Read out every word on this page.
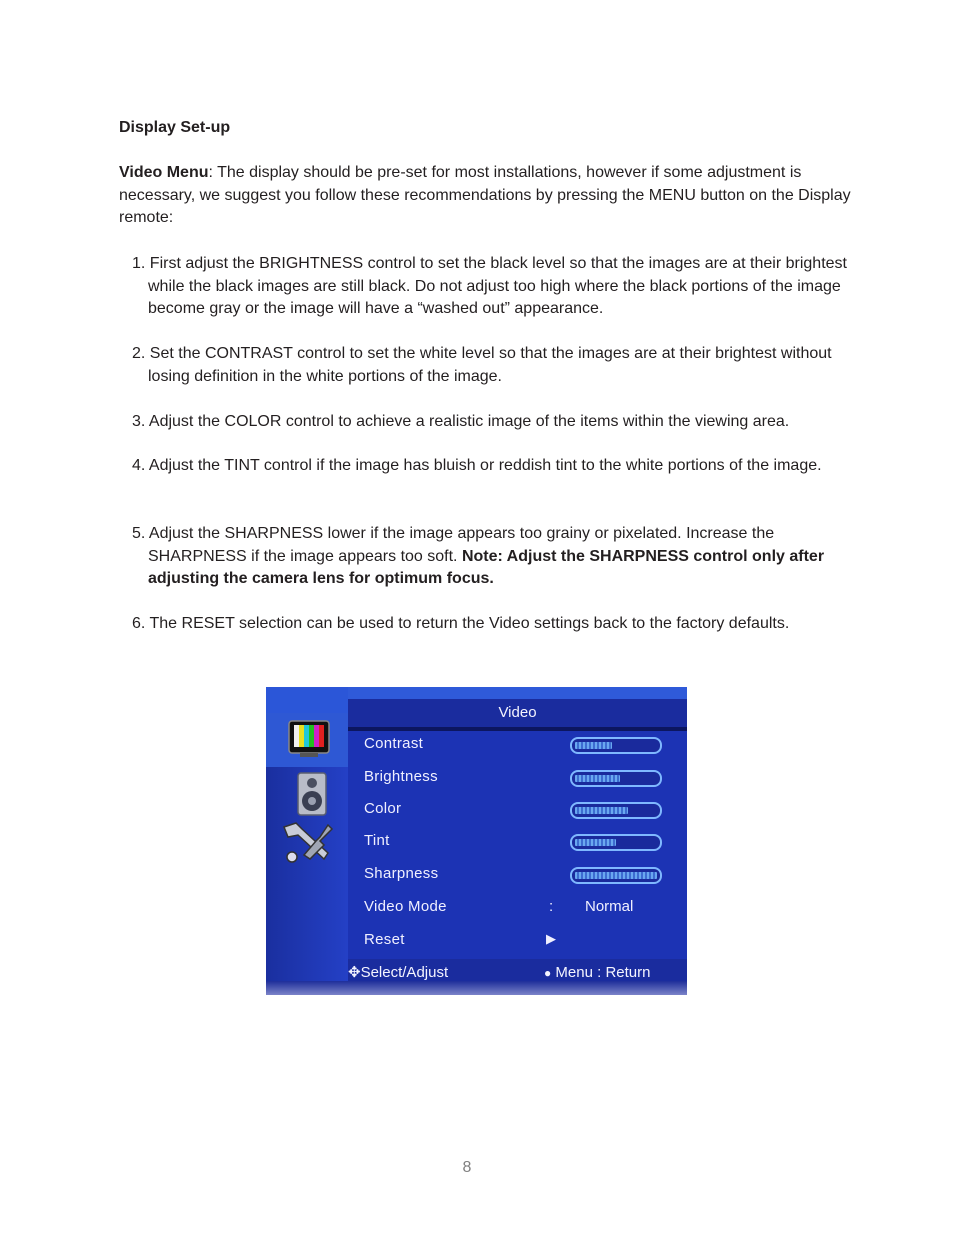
Display Set-up
Video Menu: The display should be pre-set for most installations, however if some adjustment is necessary, we suggest you follow these recommendations by pressing the MENU button on the Display remote:
1. First adjust the BRIGHTNESS control to set the black level so that the images are at their brightest while the black images are still black. Do not adjust too high where the black portions of the image become gray or the image will have a “washed out” appearance.
2. Set the CONTRAST control to set the white level so that the images are at their brightest without losing definition in the white portions of the image.
3. Adjust the COLOR control to achieve a realistic image of the items within the viewing area.
4. Adjust the TINT control if the image has bluish or reddish tint to the white portions of the image.
5. Adjust the SHARPNESS lower if the image appears too grainy or pixelated. Increase the SHARPNESS if the image appears too soft. Note: Adjust the SHARPNESS control only after adjusting the camera lens for optimum focus.
6. The RESET selection can be used to return the Video settings back to the factory defaults.
Video
Contrast
Brightness
Color
Tint
Sharpness
Video Mode	: Normal
Reset	▶
✥Select/Adjust	● Menu : Return
8
